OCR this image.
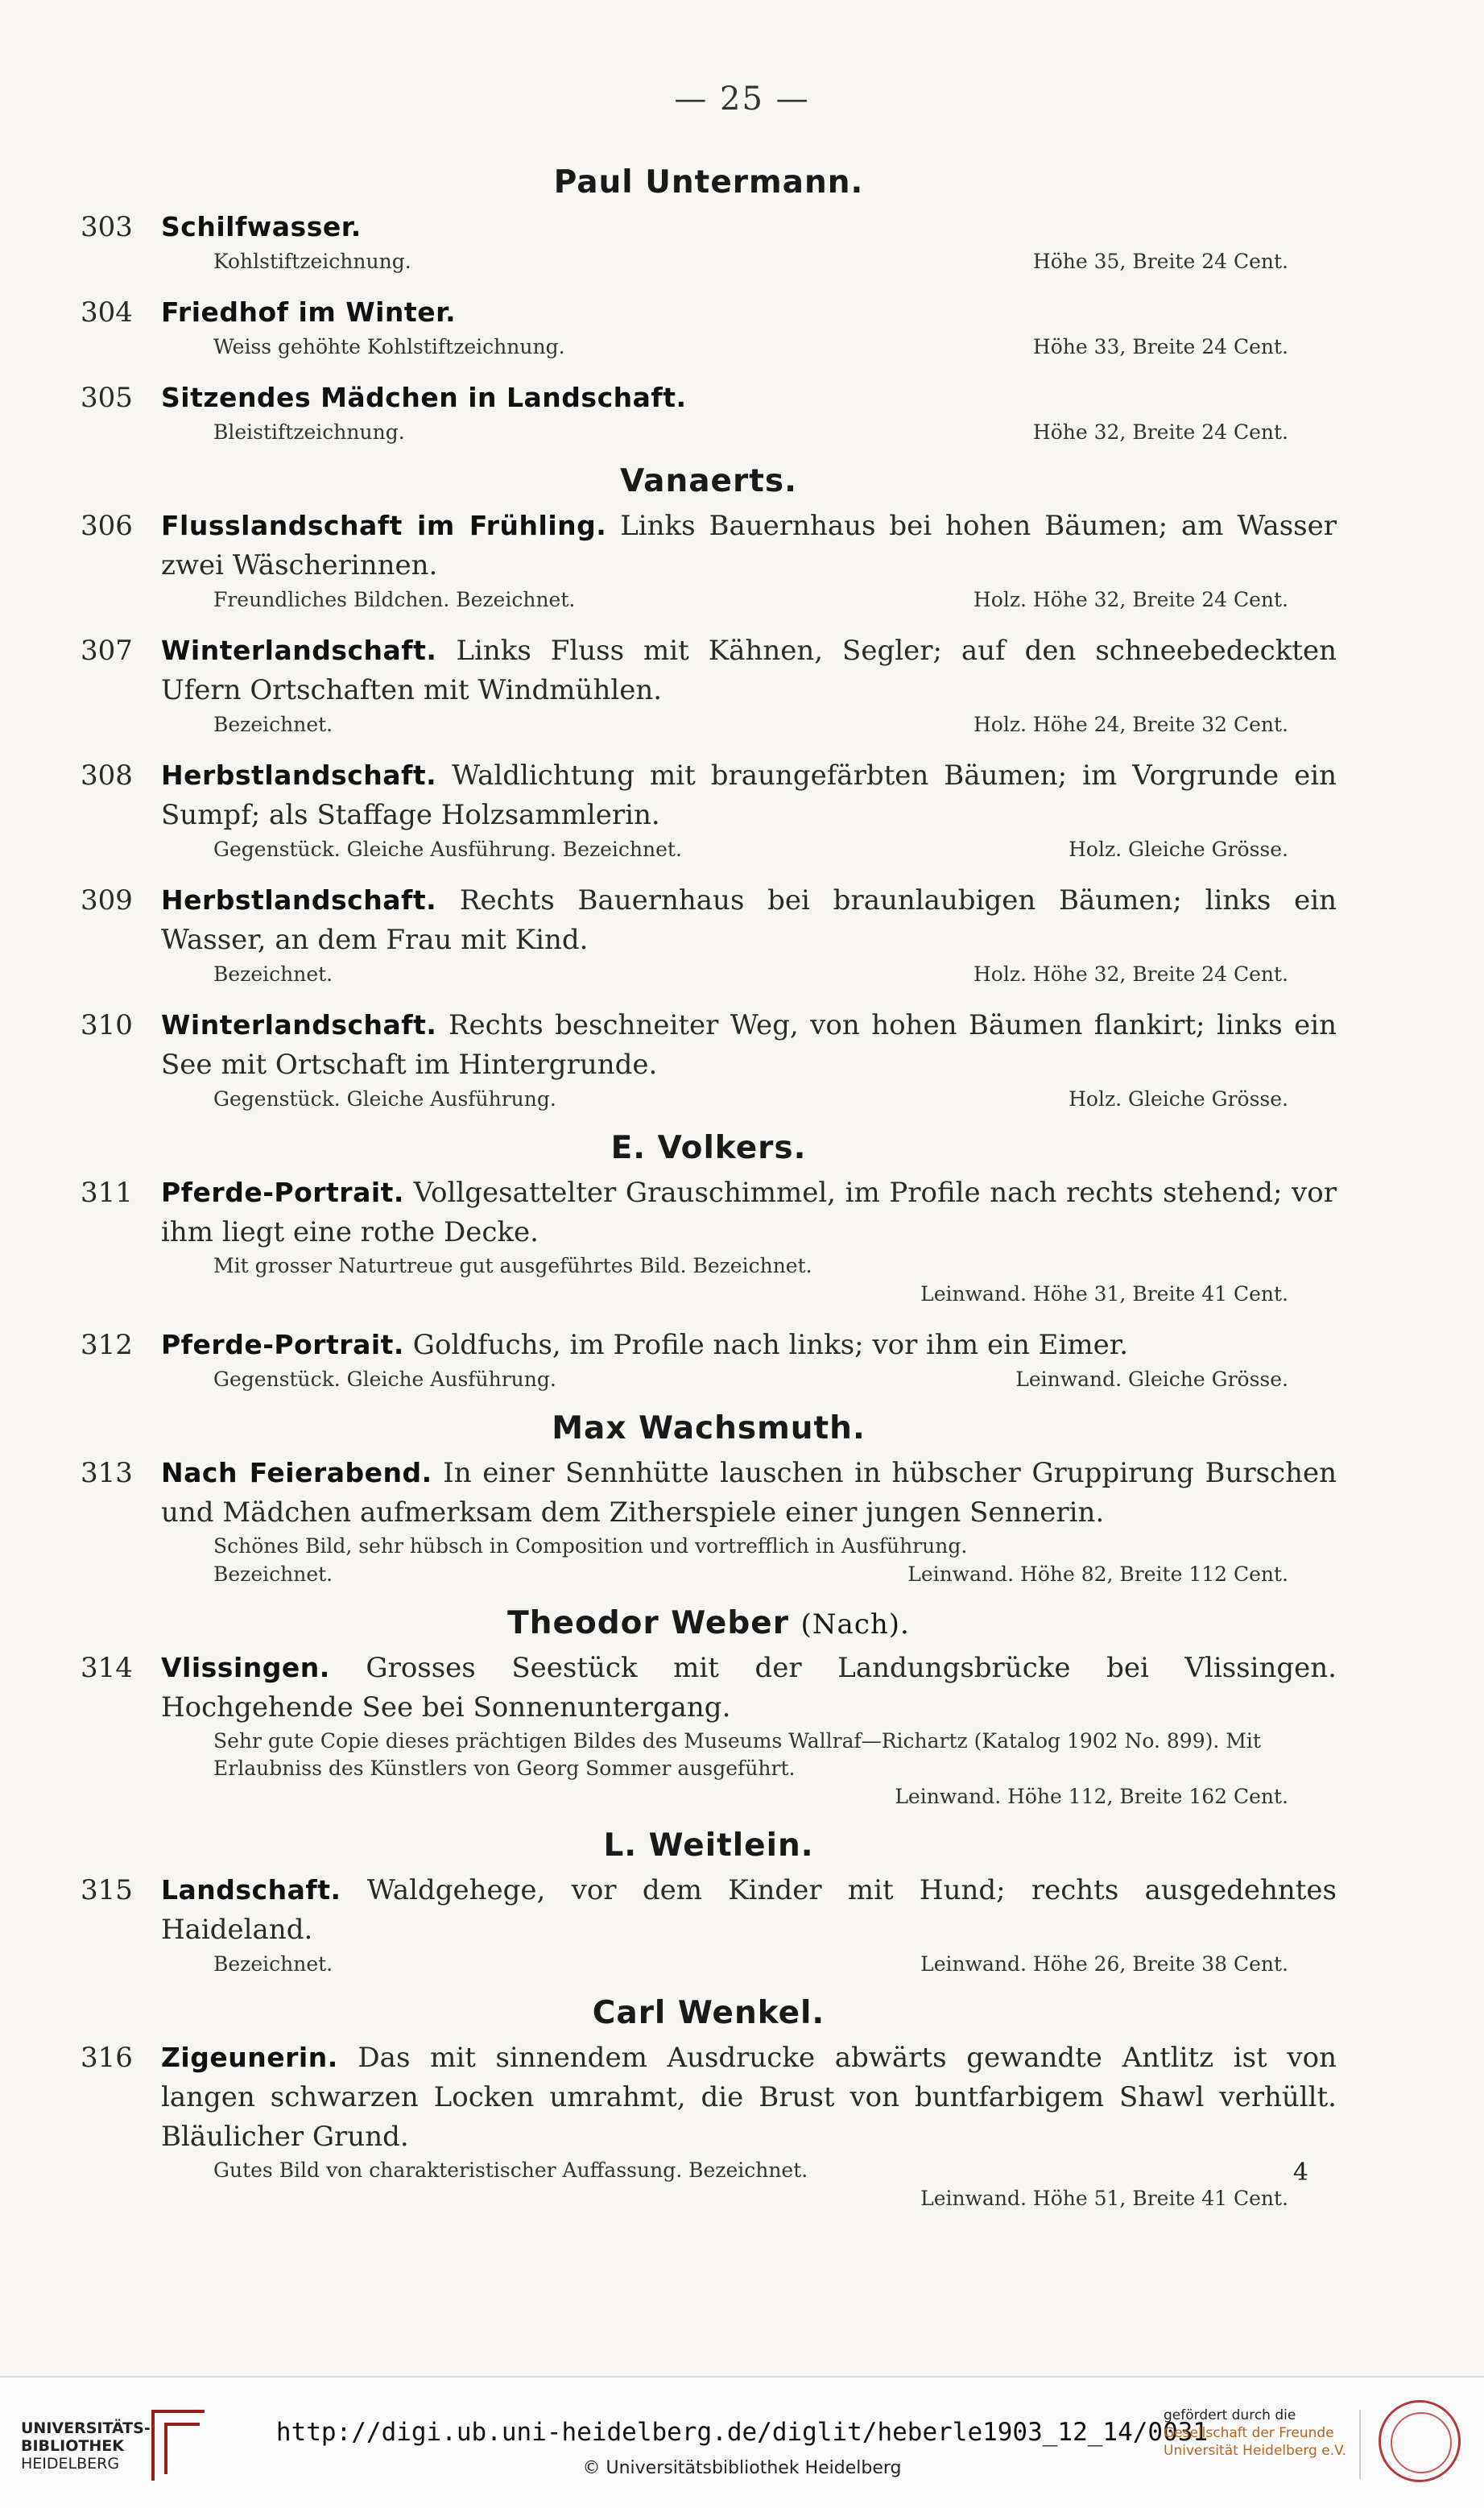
— 25 —
Paul Untermann.
303 Schilfwasser.
Kohlstiftzeichnung.	Höhe 35, Breite 24 Cent.
304 Friedhof im Winter.
Weiss gehöhte Kohlstiftzeichnung.	Höhe 33, Breite 24 Cent.
305 Sitzendes Mädchen in Landschaft.
Bleistiftzeichnung.	Höhe 32, Breite 24 Cent.
Vanaerts.
306 Flusslandschaft im Frühling. Links Bauernhaus bei hohen Bäumen; am Wasser zwei Wäscherinnen.
Freundliches Bildchen. Bezeichnet.	Holz. Höhe 32, Breite 24 Cent.
307 Winterlandschaft. Links Fluss mit Kähnen, Segler; auf den schneebedeckten Ufern Ortschaften mit Windmühlen.
Bezeichnet.	Holz. Höhe 24, Breite 32 Cent.
308 Herbstlandschaft. Waldlichtung mit braungefärbten Bäumen; im Vorgrunde ein Sumpf; als Staffage Holzsammlerin.
Gegenstück. Gleiche Ausführung. Bezeichnet.	Holz. Gleiche Grösse.
309 Herbstlandschaft. Rechts Bauernhaus bei braunlaubigen Bäumen; links ein Wasser, an dem Frau mit Kind.
Bezeichnet.	Holz. Höhe 32, Breite 24 Cent.
310 Winterlandschaft. Rechts beschneiter Weg, von hohen Bäumen flankirt; links ein See mit Ortschaft im Hintergrunde.
Gegenstück. Gleiche Ausführung.	Holz. Gleiche Grösse.
E. Volkers.
311 Pferde-Portrait. Vollgesattelter Grauschimmel, im Profile nach rechts stehend; vor ihm liegt eine rothe Decke.
Mit grosser Naturtreue gut ausgeführtes Bild. Bezeichnet.
Leinwand. Höhe 31, Breite 41 Cent.
312 Pferde-Portrait. Goldfuchs, im Profile nach links; vor ihm ein Eimer.
Gegenstück. Gleiche Ausführung.	Leinwand. Gleiche Grösse.
Max Wachsmuth.
313 Nach Feierabend. In einer Sennhütte lauschen in hübscher Gruppirung Burschen und Mädchen aufmerksam dem Zitherspiele einer jungen Sennerin.
Schönes Bild, sehr hübsch in Composition und vortrefflich in Ausführung.
Bezeichnet.	Leinwand. Höhe 82, Breite 112 Cent.
Theodor Weber (Nach).
314 Vlissingen. Grosses Seestück mit der Landungsbrücke bei Vlissingen. Hochgehende See bei Sonnenuntergang.
Sehr gute Copie dieses prächtigen Bildes des Museums Wallraf—Richartz (Katalog 1902 No. 899). Mit Erlaubniss des Künstlers von Georg Sommer ausgeführt.
Leinwand. Höhe 112, Breite 162 Cent.
L. Weitlein.
315 Landschaft. Waldgehege, vor dem Kinder mit Hund; rechts ausgedehntes Haideland.
Bezeichnet.	Leinwand. Höhe 26, Breite 38 Cent.
Carl Wenkel.
316 Zigeunerin. Das mit sinnendem Ausdrucke abwärts gewandte Antlitz ist von langen schwarzen Locken umrahmt, die Brust von buntfarbigem Shawl verhüllt. Bläulicher Grund.
Gutes Bild von charakteristischer Auffassung. Bezeichnet.
Leinwand. Höhe 51, Breite 41 Cent.
4
UNIVERSITÄTS-
BIBLIOTHEK
HEIDELBERG
http://digi.ub.uni-heidelberg.de/diglit/heberle1903_12_14/0031
© Universitätsbibliothek Heidelberg
gefördert durch die
Gesellschaft der Freunde
Universität Heidelberg e.V.
